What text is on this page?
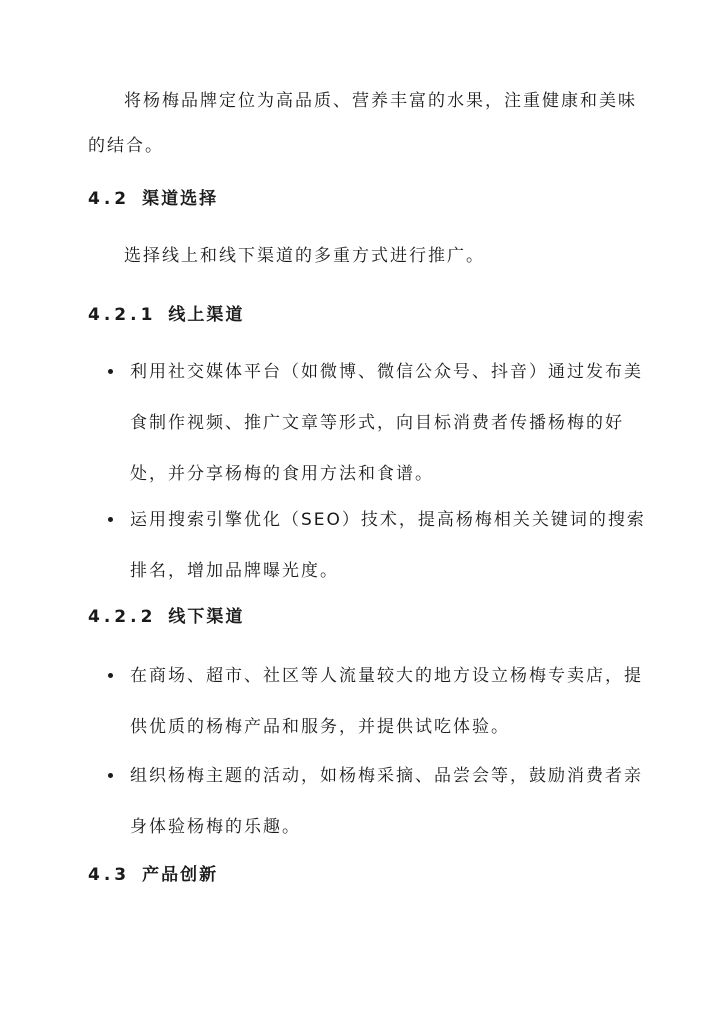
将杨梅品牌定位为高品质、营养丰富的水果，注重健康和美味的结合。

4.2 渠道选择

选择线上和线下渠道的多重方式进行推广。

4.2.1 线上渠道

利用社交媒体平台（如微博、微信公众号、抖音）通过发布美食制作视频、推广文章等形式，向目标消费者传播杨梅的好处，并分享杨梅的食用方法和食谱。

运用搜索引擎优化（SEO）技术，提高杨梅相关关键词的搜索排名，增加品牌曝光度。

4.2.2 线下渠道

在商场、超市、社区等人流量较大的地方设立杨梅专卖店，提供优质的杨梅产品和服务，并提供试吃体验。

组织杨梅主题的活动，如杨梅采摘、品尝会等，鼓励消费者亲身体验杨梅的乐趣。

4.3 产品创新
